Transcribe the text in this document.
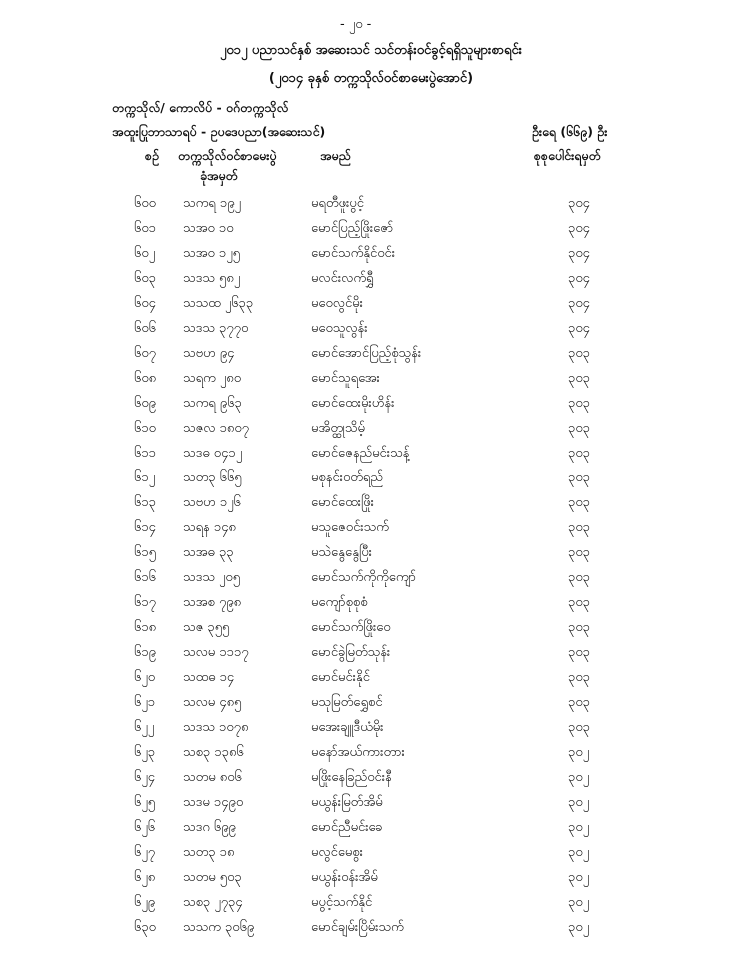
- ၂၀ -
၂၀၁၂ ပညာသင်နှစ် အဆေးသင် သင်တန်းဝင်ခွင့်ရရှိသူများစာရင်း
(၂၀၁၄ ခုနှစ် တက္ကသိုလ်ဝင်စာမေးပွဲအောင်)
တက္ကသိုလ်/ ကောလိပ် - ဝဂ်တက္ကသိုလ်
အထူးပြုဘာသာရပ် - ဥပဒေပညာ(အဆေးသင်)	ဦးရေ (၆၆၉) ဦး
စဉ် တက္ကသိုလ်ဝင်စာမေးပွဲ
ခုံအမှတ်
အမည်	စုစုပေါင်းရမှတ်
၆၀၀ သကရ ၁၉၂	မရတီဖူးပွင့်	၃၀၄
၆၀၁ သအဝ ၁၀	မောင်ပြည့်ဖြိုးဇော်	၃၀၄
၆၀၂ သအဝ ၁၂၅	မောင်သက်နိုင်ဝင်း	၃၀၄
၆၀၃ သဒသ ၅၈၂	မလင်းလက်ရွှီ	၃၀၄
၆၀၄ သသထ ၂၆၃၃	မဝေလွင်မိုး	၃၀၄
၆၀၆ သဒသ ၃၇၇၀	မဝေသူလွန်း	၃၀၄
၆၀၇ သဗဟ ၉၄	မောင်အောင်ပြည့်စုံသွန်း	၃၀၃
၆၀၈ သရက ၂၈၀	မောင်သူရအေး	၃၀၃
၆၀၉ သကရ ၉၆၃	မောင်ထေးမိုးဟိန်း	၃၀၃
၆၁၀ သဇလ ၁၈၀၇	မအိတ္ထုသိမ့်	၃၀၃
၆၁၁ သဒဓ ၀၄၁၂	မောင်ဇေနည်မင်းသန့်	၃၀၃
၆၁၂ သတ၃ ၆၆၅	မစုနင်းဝတ်ရည်	၃၀၃
၆၁၃ သဗဟ ၁၂၆	မောင်ထေးဖြိုး	၃၀၃
၆၁၄ သရန ၁၄၈	မသူဇေဝင်းသက်	၃၀၃
၆၁၅ သအဓ ၃၃	မသဲနွေနွေပြီး	၃၀၃
၆၁၆ သဒသ ၂၀၅	မောင်သက်ကိုကိုကျော်	၃၀၃
၆၁၇ သအစ ၇၉၈	မကျော်စုစုစံ	၃၀၃
၆၁၈ သဇ ၃၅၅	မောင်သက်ဖြိုးဝေ	၃၀၃
၆၁၉ သလမ ၁၁၁၇	မောင်ခွဲမြတ်သုန်း	၃၀၃
၆၂၀ သထဓ ၁၄	မောင်မင်းနိုင်	၃၀၃
၆၂၁ သလမ ၄၈၅	မသုမြတ်ရွှေစင်	၃၀၃
၆၂၂ သဒသ ၁၀၇၈	မအေးချူဒီယံမိုး	၃၀၃
၆၂၃ သစ၃ ၁၃၈၆	မနော်အယ်ကားတား	၃၀၂
၆၂၄ သတမ ၈၀၆	မဖြိုးနေခြည်ဝင်းနီ	၃၀၂
၆၂၅ သဒမ ၁၄၉၀	မယွန်းမြတ်အိမ်	၃၀၂
၆၂၆ သဒဂ ၆၉၉	မောင်ညီမင်းခေ	၃၀၂
၆၂၇ သတ၃ ၁၈	မလွင်မေစွး	၃၀၂
၆၂၈ သတမ ၅၀၃	မယွန်းဝန်းအိမ်	၃၀၂
၆၂၉ သစ၃ ၂၇၃၄	မပွင့်သက်နိုင်	၃၀၂
၆၃၀ သသက ၃၀၆၉	မောင်ချမ်းပြိမ်းသက်	၃၀၂
